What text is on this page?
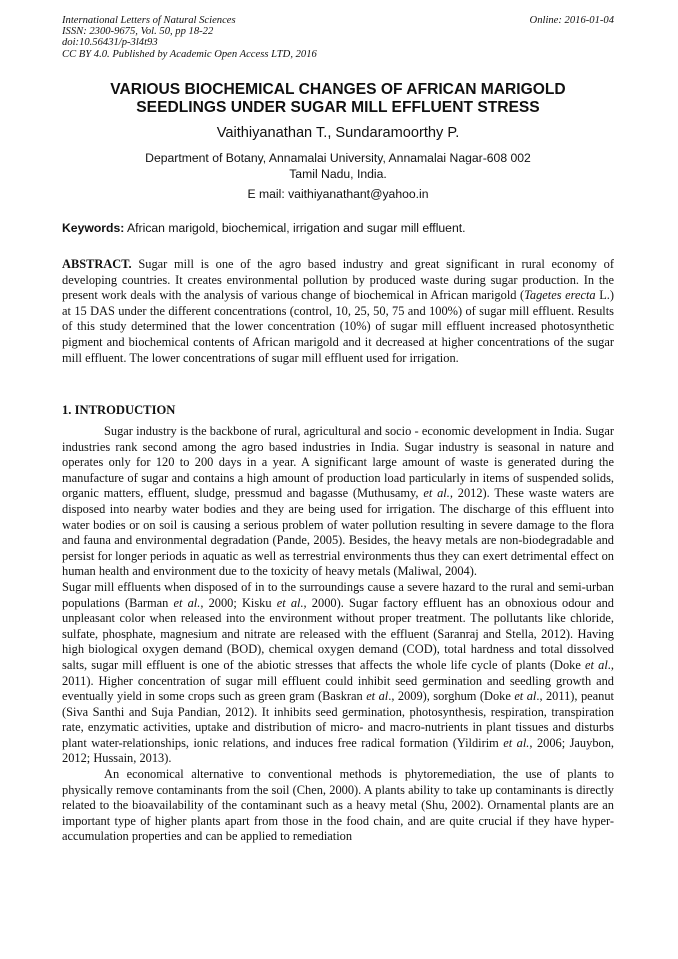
International Letters of Natural Sciences
ISSN: 2300-9675, Vol. 50, pp 18-22
doi:10.56431/p-3l4t93
CC BY 4.0. Published by Academic Open Access LTD, 2016
Online: 2016-01-04
VARIOUS BIOCHEMICAL CHANGES OF AFRICAN MARIGOLD
SEEDLINGS UNDER SUGAR MILL EFFLUENT STRESS
Vaithiyanathan T., Sundaramoorthy P.
Department of Botany, Annamalai University, Annamalai Nagar-608 002
Tamil Nadu, India.
E mail: vaithiyanathant@yahoo.in
Keywords: African marigold, biochemical, irrigation and sugar mill effluent.
ABSTRACT. Sugar mill is one of the agro based industry and great significant in rural economy of developing countries. It creates environmental pollution by produced waste during sugar production. In the present work deals with the analysis of various change of biochemical in African marigold (Tagetes erecta L.) at 15 DAS under the different concentrations (control, 10, 25, 50, 75 and 100%) of sugar mill effluent. Results of this study determined that the lower concentration (10%) of sugar mill effluent increased photosynthetic pigment and biochemical contents of African marigold and it decreased at higher concentrations of the sugar mill effluent. The lower concentrations of sugar mill effluent used for irrigation.
1. INTRODUCTION

Sugar industry is the backbone of rural, agricultural and socio - economic development in India. Sugar industries rank second among the agro based industries in India. Sugar industry is seasonal in nature and operates only for 120 to 200 days in a year. A significant large amount of waste is generated during the manufacture of sugar and contains a high amount of production load particularly in items of suspended solids, organic matters, effluent, sludge, pressmud and bagasse (Muthusamy, et al., 2012). These waste waters are disposed into nearby water bodies and they are being used for irrigation. The discharge of this effluent into water bodies or on soil is causing a serious problem of water pollution resulting in severe damage to the flora and fauna and environmental degradation (Pande, 2005). Besides, the heavy metals are non-biodegradable and persist for longer periods in aquatic as well as terrestrial environments thus they can exert detrimental effect on human health and environment due to the toxicity of heavy metals (Maliwal, 2004).

Sugar mill effluents when disposed of in to the surroundings cause a severe hazard to the rural and semi-urban populations (Barman et al., 2000; Kisku et al., 2000). Sugar factory effluent has an obnoxious odour and unpleasant color when released into the environment without proper treatment. The pollutants like chloride, sulfate, phosphate, magnesium and nitrate are released with the effluent (Saranraj and Stella, 2012). Having high biological oxygen demand (BOD), chemical oxygen demand (COD), total hardness and total dissolved salts, sugar mill effluent is one of the abiotic stresses that affects the whole life cycle of plants (Doke et al., 2011). Higher concentration of sugar mill effluent could inhibit seed germination and seedling growth and eventually yield in some crops such as green gram (Baskran et al., 2009), sorghum (Doke et al., 2011), peanut (Siva Santhi and Suja Pandian, 2012). It inhibits seed germination, photosynthesis, respiration, transpiration rate, enzymatic activities, uptake and distribution of micro- and macro-nutrients in plant tissues and disturbs plant water-relationships, ionic relations, and induces free radical formation (Yildirim et al., 2006; Jauybon, 2012; Hussain, 2013).

An economical alternative to conventional methods is phytoremediation, the use of plants to physically remove contaminants from the soil (Chen, 2000). A plants ability to take up contaminants is directly related to the bioavailability of the contaminant such as a heavy metal (Shu, 2002). Ornamental plants are an important type of higher plants apart from those in the food chain, and are quite crucial if they have hyper-accumulation properties and can be applied to remediation
